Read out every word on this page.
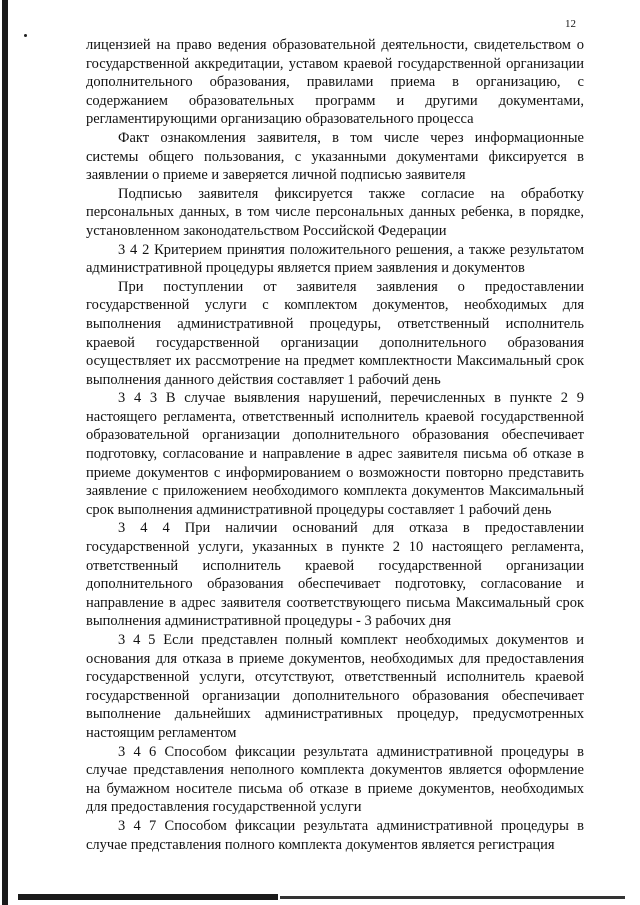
12

лицензией на право ведения образовательной деятельности, свидетельством о государственной аккредитации, уставом краевой государственной организации дополнительного образования, правилами приема в организацию, с содержанием образовательных программ и другими документами, регламентирующими организацию образовательного процесса

Факт ознакомления заявителя, в том числе через информационные системы общего пользования, с указанными документами фиксируется в заявлении о приеме и заверяется личной подписью заявителя

Подписью заявителя фиксируется также согласие на обработку персональных данных, в том числе персональных данных ребенка, в порядке, установленном законодательством Российской Федерации

3 4 2 Критерием принятия положительного решения, а также результатом административной процедуры является прием заявления и документов

При поступлении от заявителя заявления о предоставлении государственной услуги с комплектом документов, необходимых для выполнения административной процедуры, ответственный исполнитель краевой государственной организации дополнительного образования осуществляет их рассмотрение на предмет комплектности Максимальный срок выполнения данного действия составляет 1 рабочий день

3 4 3 В случае выявления нарушений, перечисленных в пункте 2 9 настоящего регламента, ответственный исполнитель краевой государственной образовательной организации дополнительного образования обеспечивает подготовку, согласование и направление в адрес заявителя письма об отказе в приеме документов с информированием о возможности повторно представить заявление с приложением необходимого комплекта документов Максимальный срок выполнения административной процедуры составляет 1 рабочий день

3 4 4 При наличии оснований для отказа в предоставлении государственной услуги, указанных в пункте 2 10 настоящего регламента, ответственный исполнитель краевой государственной организации дополнительного образования обеспечивает подготовку, согласование и направление в адрес заявителя соответствующего письма Максимальный срок выполнения административной процедуры - 3 рабочих дня

3 4 5 Если представлен полный комплект необходимых документов и основания для отказа в приеме документов, необходимых для предоставления государственной услуги, отсутствуют, ответственный исполнитель краевой государственной организации дополнительного образования обеспечивает выполнение дальнейших административных процедур, предусмотренных настоящим регламентом

3 4 6 Способом фиксации результата административной процедуры в случае представления неполного комплекта документов является оформление на бумажном носителе письма об отказе в приеме документов, необходимых для предоставления государственной услуги

3 4 7 Способом фиксации результата административной процедуры в случае представления полного комплекта документов является регистрация
